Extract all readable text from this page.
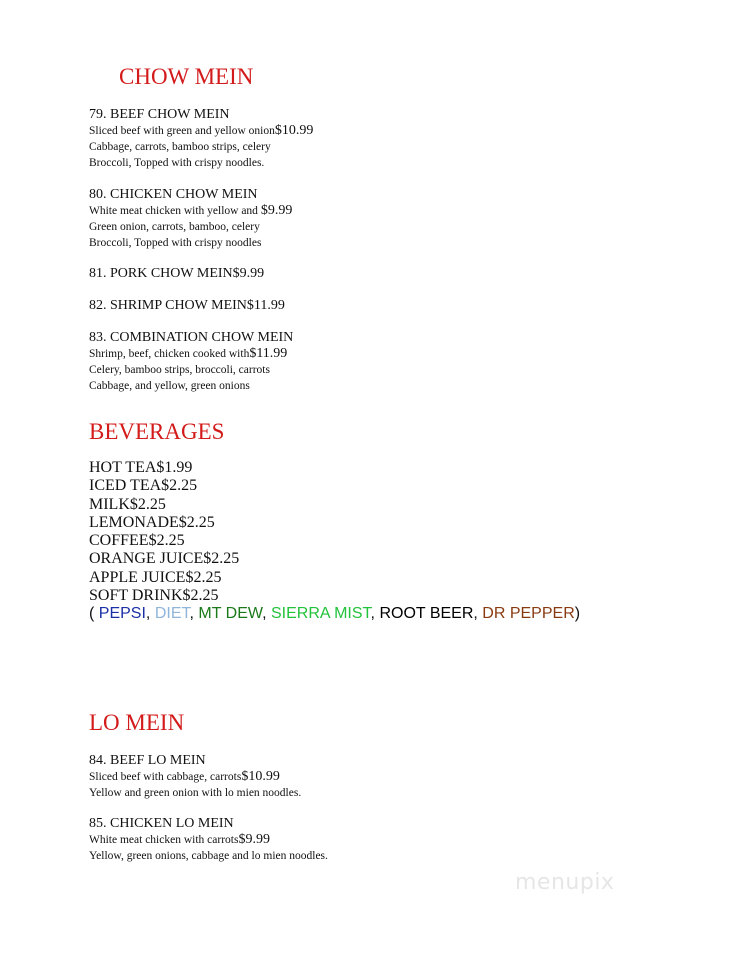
CHOW MEIN
79. BEEF CHOW MEIN
Sliced beef with green and yellow onion$10.99
Cabbage, carrots, bamboo strips, celery
Broccoli, Topped with crispy noodles.
80. CHICKEN CHOW MEIN
White meat chicken with yellow and $9.99
Green onion, carrots, bamboo, celery
Broccoli, Topped with crispy noodles
81. PORK CHOW MEIN$9.99
82. SHRIMP CHOW MEIN$11.99
83. COMBINATION CHOW MEIN
Shrimp, beef, chicken cooked with$11.99
Celery, bamboo strips, broccoli, carrots
Cabbage, and yellow, green onions
BEVERAGES
HOT TEA$1.99
ICED TEA$2.25
MILK$2.25
LEMONADE$2.25
COFFEE$2.25
ORANGE JUICE$2.25
APPLE JUICE$2.25
SOFT DRINK$2.25
( PEPSI, DIET, MT DEW, SIERRA MIST, ROOT BEER, DR PEPPER)
LO MEIN
84. BEEF LO MEIN
Sliced beef with cabbage, carrots$10.99
Yellow and green onion with lo mien noodles.
85. CHICKEN LO MEIN
White meat chicken with carrots$9.99
Yellow, green onions, cabbage and lo mien noodles.
menupix
